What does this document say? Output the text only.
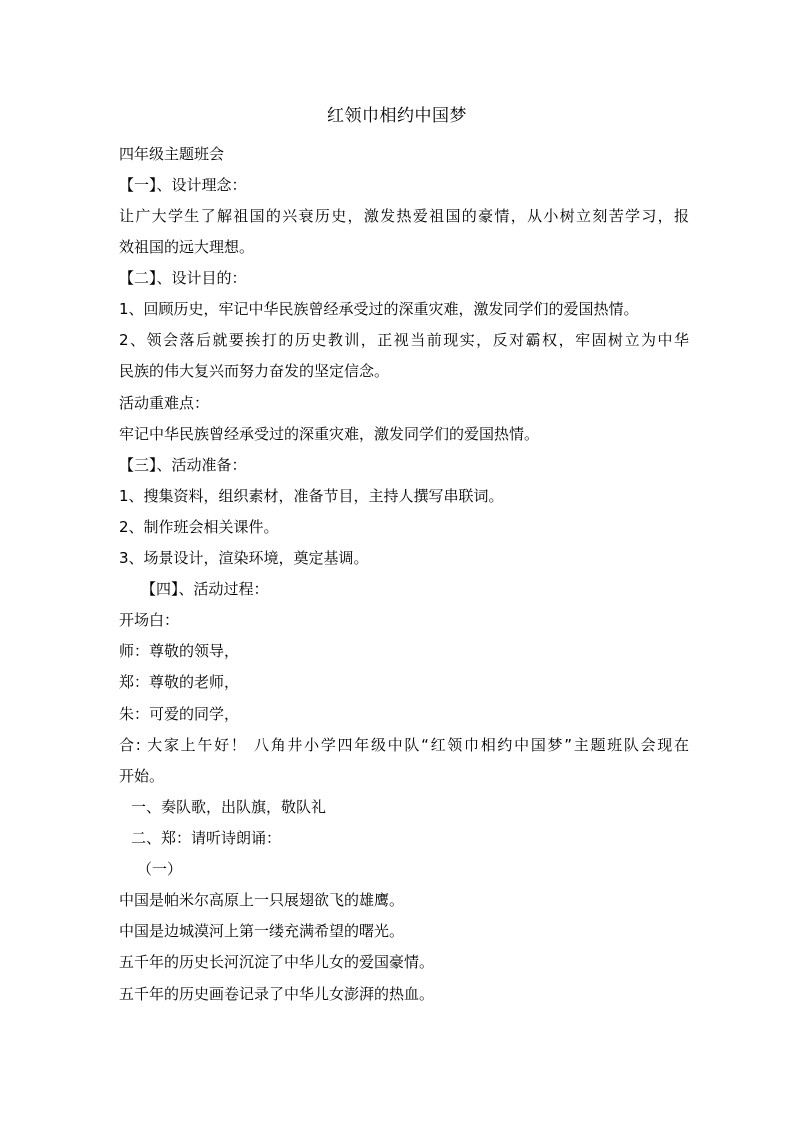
红领巾相约中国梦
四年级主题班会
【一】、设计理念：
让广大学生了解祖国的兴衰历史，激发热爱祖国的豪情，从小树立刻苦学习，报
效祖国的远大理想。
【二】、设计目的：
1、回顾历史，牢记中华民族曾经承受过的深重灾难，激发同学们的爱国热情。
2、领会落后就要挨打的历史教训，正视当前现实，反对霸权，牢固树立为中华
民族的伟大复兴而努力奋发的坚定信念。
活动重难点：
牢记中华民族曾经承受过的深重灾难，激发同学们的爱国热情。
【三】、活动准备：
1、搜集资料，组织素材，准备节目，主持人撰写串联词。
2、制作班会相关课件。
3、场景设计，渲染环境，奠定基调。
【四】、活动过程：
开场白：
师：尊敬的领导，
郑：尊敬的老师，
朱：可爱的同学，
合: 大家上午好！ 八角井小学四年级中队“红领巾相约中国梦”主题班队会现在
开始。
一、奏队歌，出队旗，敬队礼
二、郑：请听诗朗诵：
（一）
中国是帕米尔高原上一只展翅欲飞的雄鹰。
中国是边城漠河上第一缕充满希望的曙光。
五千年的历史长河沉淀了中华儿女的爱国豪情。
五千年的历史画卷记录了中华儿女澎湃的热血。
